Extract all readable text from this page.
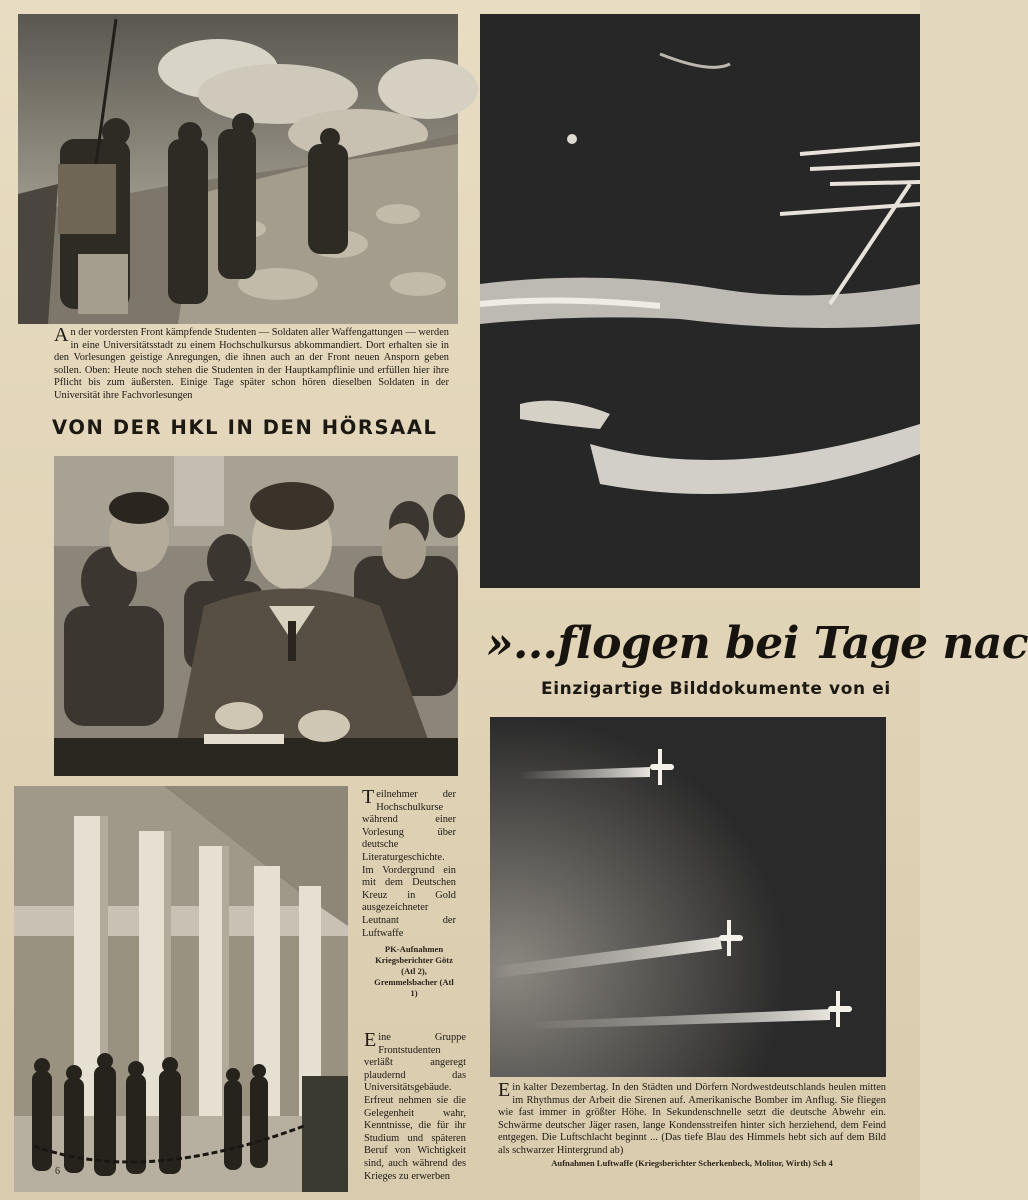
An der vordersten Front kämpfende Studenten — Soldaten aller Waffengattungen — werden in eine Universitätsstadt zu einem Hochschulkursus abkommandiert. Dort erhalten sie in den Vorlesungen geistige Anregungen, die ihnen auch an der Front neuen Ansporn geben sollen. Oben: Heute noch stehen die Studenten in der Hauptkampflinie und erfüllen hier ihre Pflicht bis zum äußersten. Einige Tage später schon hören dieselben Soldaten in der Universität ihre Fachvorlesungen

VON DER HKL IN DEN HÖRSAAL

Teilnehmer der Hochschulkurse während einer Vorlesung über deutsche Literaturgeschichte. Im Vordergrund ein mit dem Deutschen Kreuz in Gold ausgezeichneter Leutnant der Luftwaffe

PK-Aufnahmen Kriegsberichter Götz (Atl 2), Gremmelsbacher (Atl 1)

Eine Gruppe Frontstudenten verläßt angeregt plaudernd das Universitätsgebäude. Erfreut nehmen sie die Gelegenheit wahr, Kenntnisse, die für ihr Studium und späteren Beruf von Wichtigkeit sind, auch während des Krieges zu erwerben

6
»...flogen bei Tage nac
Einzigartige Bilddokumente von ei

Ein kalter Dezembertag. In den Städten und Dörfern Nordwestdeutschlands heulen mitten im Rhythmus der Arbeit die Sirenen auf. Amerikanische Bomber im Anflug. Sie fliegen wie fast immer in größter Höhe. In Sekundenschnelle setzt die deutsche Abwehr ein. Schwärme deutscher Jäger rasen, lange Kondensstreifen hinter sich herziehend, dem Feind entgegen. Die Luftschlacht beginnt ... (Das tiefe Blau des Himmels hebt sich auf dem Bild als schwarzer Hintergrund ab)

Aufnahmen Luftwaffe (Kriegsberichter Scherkenbeck, Molitor, Wirth) Sch 4
